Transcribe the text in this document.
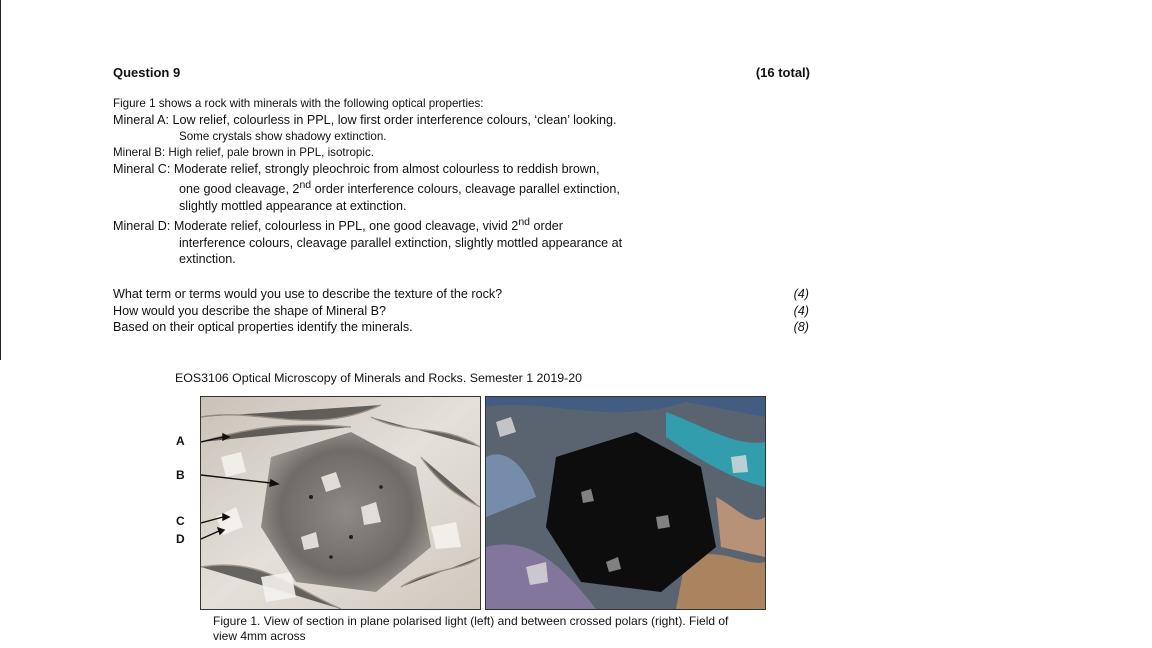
Question 9	(16 total)
Figure 1 shows a rock with minerals with the following optical properties:
Mineral A: Low relief, colourless in PPL, low first order interference colours, ‘clean’ looking.
Some crystals show shadowy extinction.
Mineral B: High relief, pale brown in PPL, isotropic.
Mineral C: Moderate relief, strongly pleochroic from almost colourless to reddish brown,
one good cleavage, 2nd order interference colours, cleavage parallel extinction,
slightly mottled appearance at extinction.
Mineral D: Moderate relief, colourless in PPL, one good cleavage, vivid 2nd order
interference colours, cleavage parallel extinction, slightly mottled appearance at
extinction.
What term or terms would you use to describe the texture of the rock?	(4)
How would you describe the shape of Mineral B?	(4)
Based on their optical properties identify the minerals.	(8)
EOS3106 Optical Microscopy of Minerals and Rocks. Semester 1 2019-20
A
B
C
D
Figure 1. View of section in plane polarised light (left) and between crossed polars (right). Field of view 4mm across
